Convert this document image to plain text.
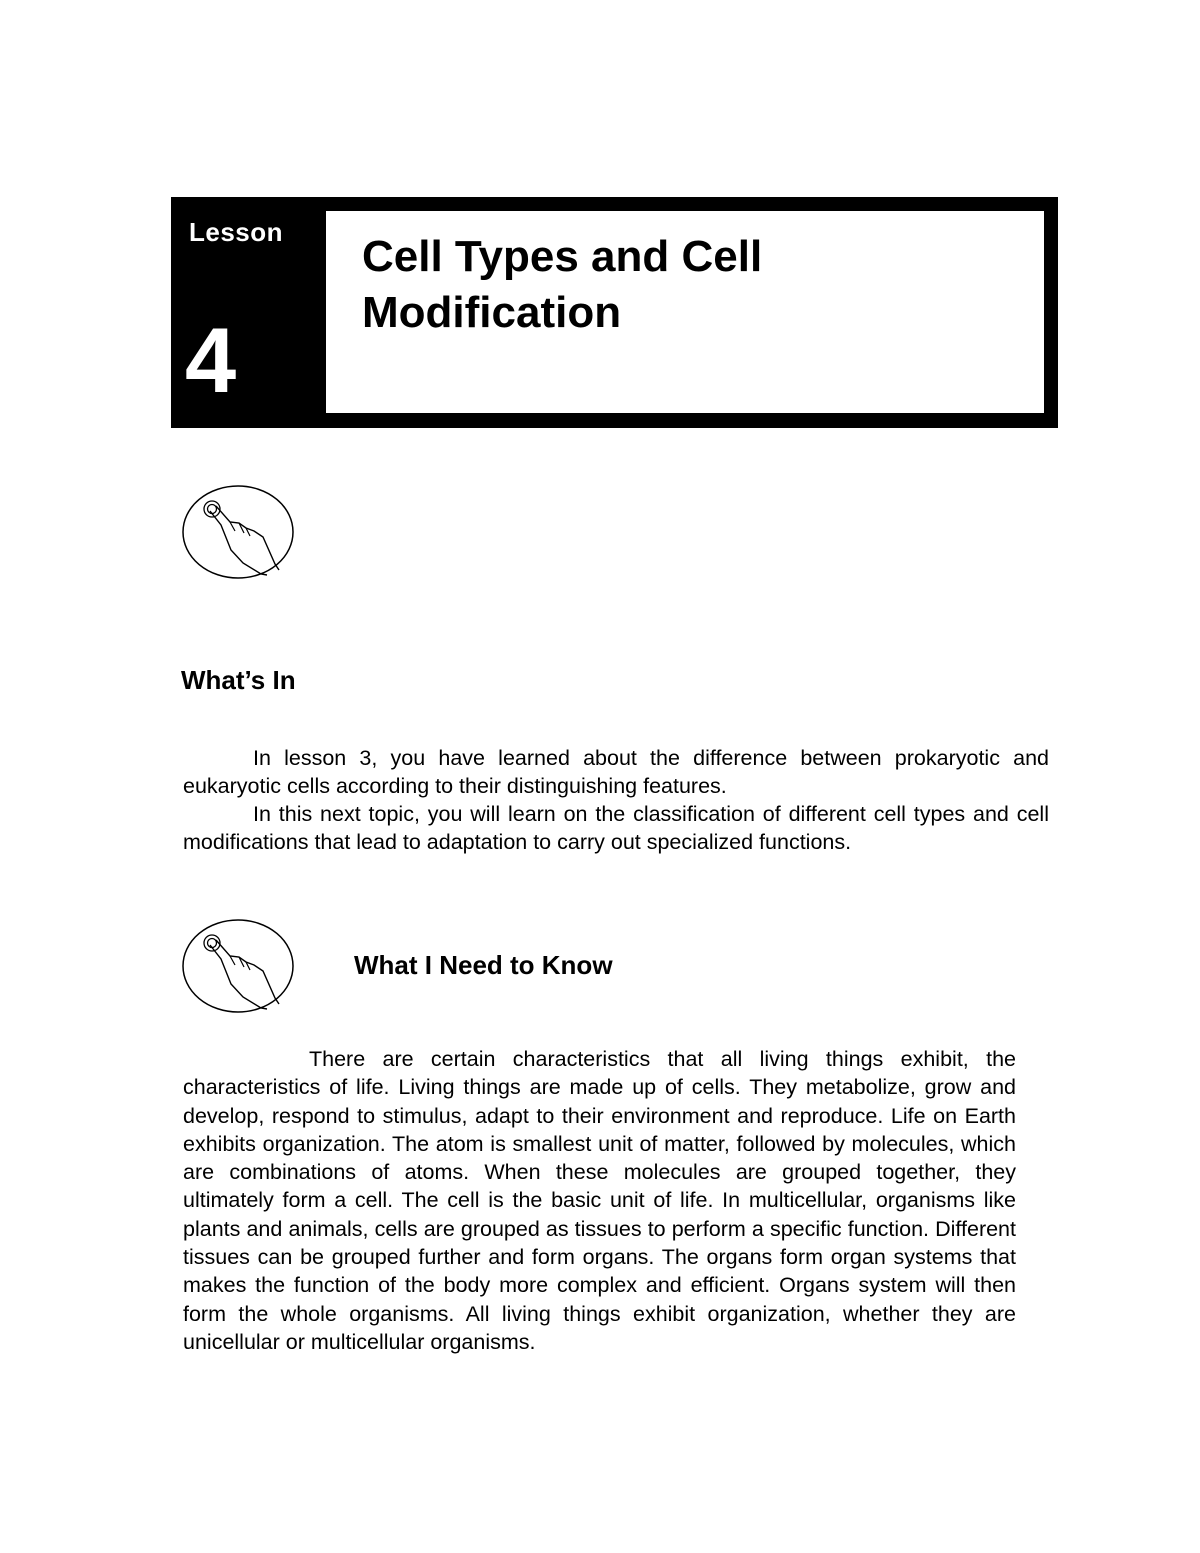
Lesson
4
Cell Types and Cell Modification
What’s In

In lesson 3, you have learned about the difference between prokaryotic and eukaryotic cells according to their distinguishing features.

In this next topic, you will learn on the classification of different cell types and cell modifications that lead to adaptation to carry out specialized functions.

What I Need to Know

There are certain characteristics that all living things exhibit, the characteristics of life. Living things are made up of cells. They metabolize, grow and develop, respond to stimulus, adapt to their environment and reproduce. Life on Earth exhibits organization. The atom is smallest unit of matter, followed by molecules, which are combinations of atoms. When these molecules are grouped together, they ultimately form a cell. The cell is the basic unit of life. In multicellular, organisms like plants and animals, cells are grouped as tissues to perform a specific function. Different tissues can be grouped further and form organs. The organs form organ systems that makes the function of the body more complex and efficient. Organs system will then form the whole organisms. All living things exhibit organization, whether they are unicellular or multicellular organisms.
